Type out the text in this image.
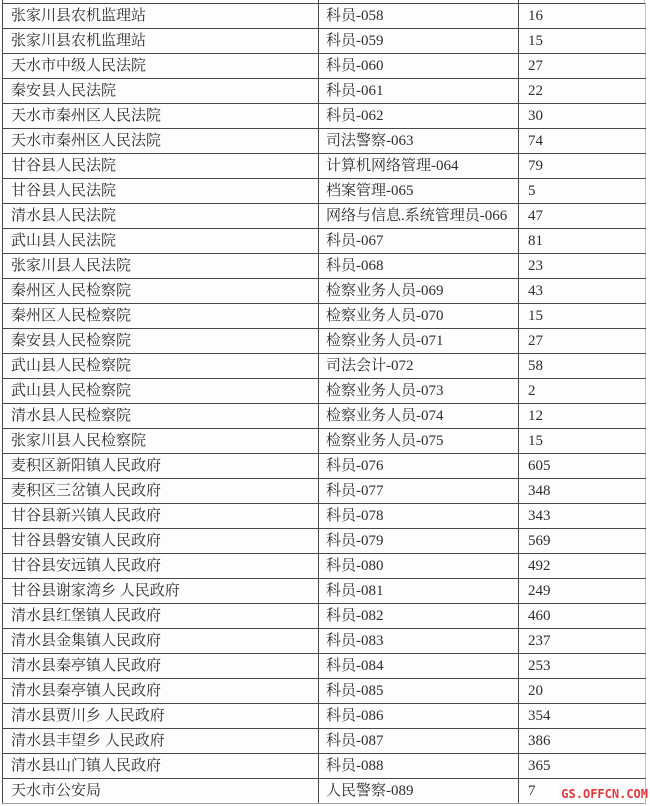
张家川县农机监理站	科员-058	16
张家川县农机监理站	科员-059	15
天水市中级人民法院	科员-060	27
秦安县人民法院	科员-061	22
天水市秦州区人民法院	科员-062	30
天水市秦州区人民法院	司法警察-063	74
甘谷县人民法院	计算机网络管理-064	79
甘谷县人民法院	档案管理-065	5
清水县人民法院	网络与信息.系统管理员-066	47
武山县人民法院	科员-067	81
张家川县人民法院	科员-068	23
秦州区人民检察院	检察业务人员-069	43
秦州区人民检察院	检察业务人员-070	15
秦安县人民检察院	检察业务人员-071	27
武山县人民检察院	司法会计-072	58
武山县人民检察院	检察业务人员-073	2
清水县人民检察院	检察业务人员-074	12
张家川县人民检察院	检察业务人员-075	15
麦积区新阳镇人民政府	科员-076	605
麦积区三岔镇人民政府	科员-077	348
甘谷县新兴镇人民政府	科员-078	343
甘谷县磐安镇人民政府	科员-079	569
甘谷县安远镇人民政府	科员-080	492
甘谷县谢家湾乡 人民政府	科员-081	249
清水县红堡镇人民政府	科员-082	460
清水县金集镇人民政府	科员-083	237
清水县秦亭镇人民政府	科员-084	253
清水县秦亭镇人民政府	科员-085	20
清水县贾川乡 人民政府	科员-086	354
清水县丰望乡 人民政府	科员-087	386
清水县山门镇人民政府	科员-088	365
天水市公安局	人民警察-089	7 GS.OFFCN.COM
